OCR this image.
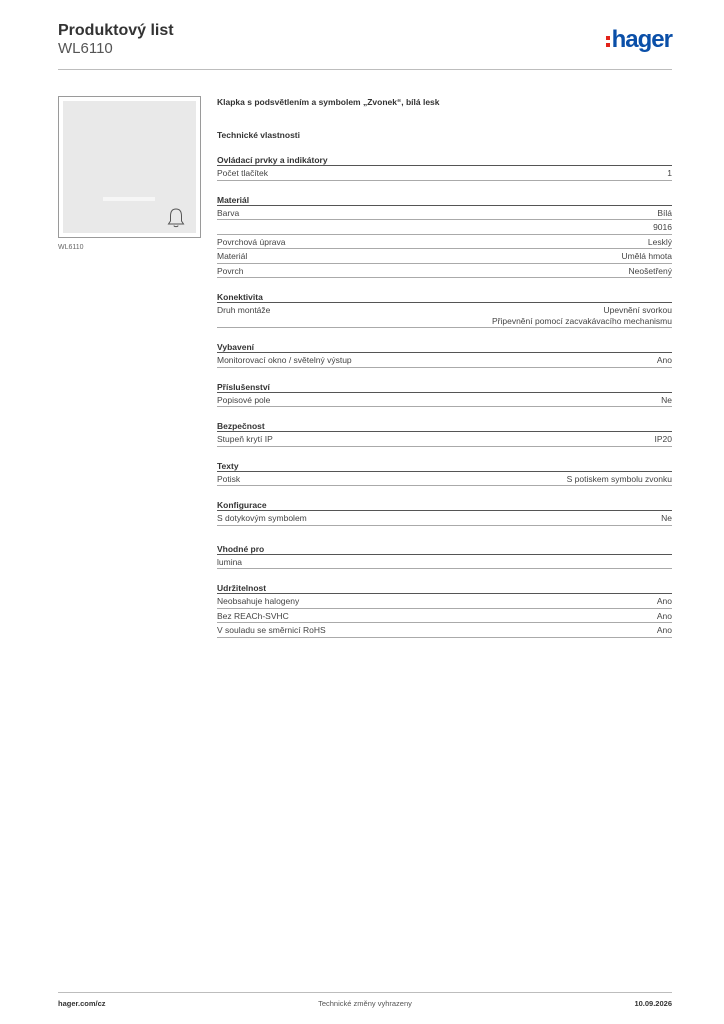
Produktový list
WL6110	hager
WL6110
Klapka s podsvětlením a symbolem „Zvonek“, bílá lesk
Technické vlastnosti
Ovládací prvky a indikátory
Počet tlačítek	1
Materiál
Barva	Bílá
9016
Povrchová úprava	Lesklý
Materiál	Umělá hmota
Povrch	Neošetřený
Konektivita
Druh montáže	Upevnění svorkou
Připevnění pomocí zacvakávacího mechanismu
Vybavení
Monitorovací okno / světelný výstup	Ano
Příslušenství
Popisové pole	Ne
Bezpečnost
Stupeň krytí IP	IP20
Texty
Potisk	S potiskem symbolu zvonku
Konfigurace
S dotykovým symbolem	Ne
Vhodné pro
lumina
Udržitelnost
Neobsahuje halogeny	Ano
Bez REACh-SVHC	Ano
V souladu se směrnicí RoHS	Ano
hager.com/cz	Technické změny vyhrazeny	10.09.2026
